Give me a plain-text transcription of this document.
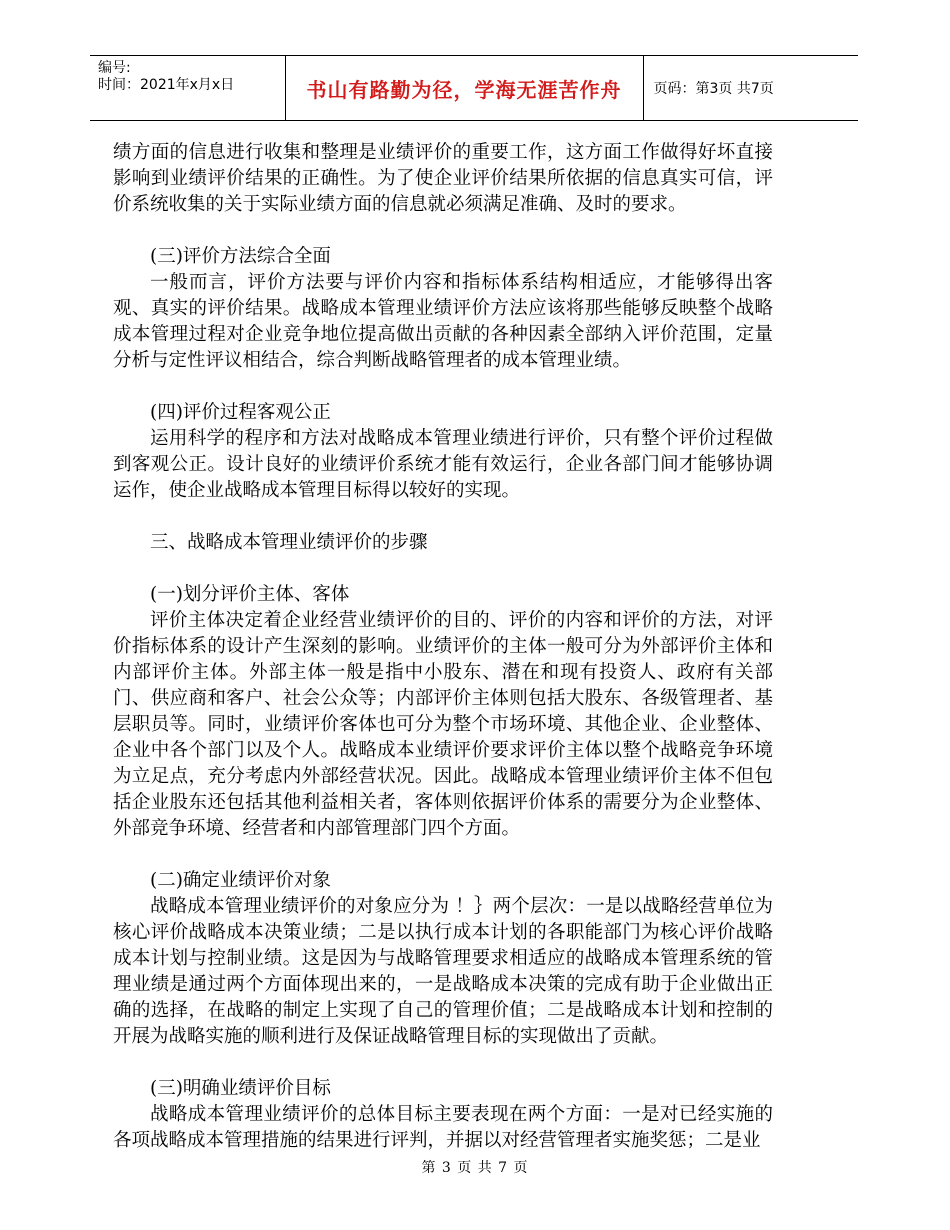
编号:
时间：2021年x月x日	书山有路勤为径，学海无涯苦作舟	页码：第3页 共7页

绩方面的信息进行收集和整理是业绩评价的重要工作，这方面工作做得好坏直接影响到业绩评价结果的正确性。为了使企业评价结果所依据的信息真实可信，评价系统收集的关于实际业绩方面的信息就必须满足准确、及时的要求。

(三)评价方法综合全面

一般而言，评价方法要与评价内容和指标体系结构相适应，才能够得出客观、真实的评价结果。战略成本管理业绩评价方法应该将那些能够反映整个战略成本管理过程对企业竞争地位提高做出贡献的各种因素全部纳入评价范围，定量分析与定性评议相结合，综合判断战略管理者的成本管理业绩。

(四)评价过程客观公正

运用科学的程序和方法对战略成本管理业绩进行评价，只有整个评价过程做到客观公正。设计良好的业绩评价系统才能有效运行，企业各部门间才能够协调运作，使企业战略成本管理目标得以较好的实现。

三、战略成本管理业绩评价的步骤

(一)划分评价主体、客体

评价主体决定着企业经营业绩评价的目的、评价的内容和评价的方法，对评价指标体系的设计产生深刻的影响。业绩评价的主体一般可分为外部评价主体和内部评价主体。外部主体一般是指中小股东、潜在和现有投资人、政府有关部门、供应商和客户、社会公众等；内部评价主体则包括大股东、各级管理者、基层职员等。同时，业绩评价客体也可分为整个市场环境、其他企业、企业整体、企业中各个部门以及个人。战略成本业绩评价要求评价主体以整个战略竞争环境为立足点，充分考虑内外部经营状况。因此。战略成本管理业绩评价主体不但包括企业股东还包括其他利益相关者，客体则依据评价体系的需要分为企业整体、外部竞争环境、经营者和内部管理部门四个方面。

(二)确定业绩评价对象

战略成本管理业绩评价的对象应分为 ！｝两个层次：一是以战略经营单位为核心评价战略成本决策业绩；二是以执行成本计划的各职能部门为核心评价战略成本计划与控制业绩。这是因为与战略管理要求相适应的战略成本管理系统的管理业绩是通过两个方面体现出来的，一是战略成本决策的完成有助于企业做出正确的选择，在战略的制定上实现了自己的管理价值；二是战略成本计划和控制的开展为战略实施的顺利进行及保证战略管理目标的实现做出了贡献。

(三)明确业绩评价目标

战略成本管理业绩评价的总体目标主要表现在两个方面：一是对已经实施的各项战略成本管理措施的结果进行评判，并据以对经营管理者实施奖惩；二是业

第 3 页 共 7 页
